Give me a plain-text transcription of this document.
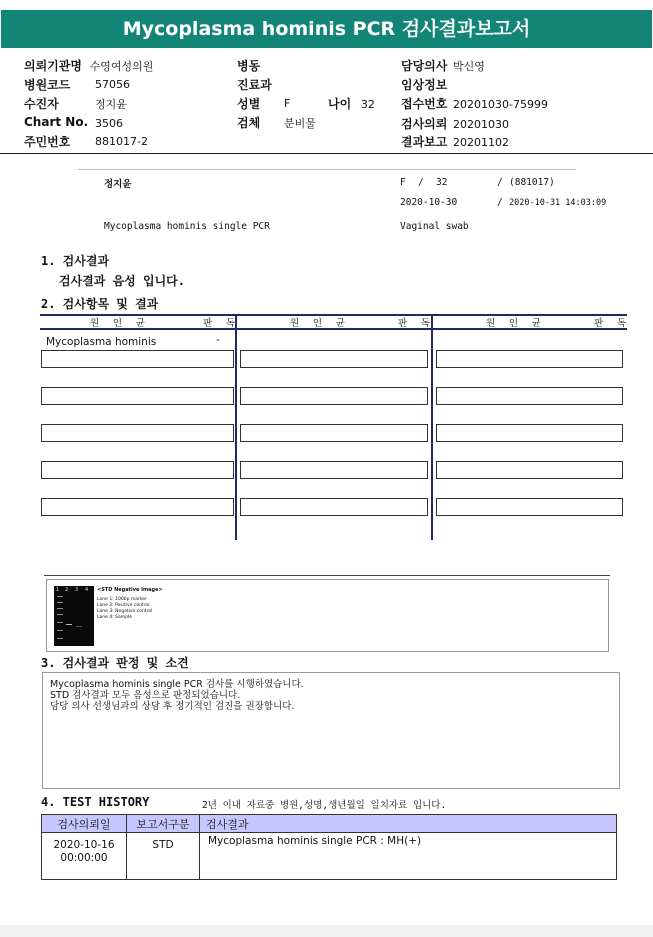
Mycoplasma hominis PCR 검사결과보고서
의뢰기관명 수영여성의원	병동	담당의사 박신영
병원코드 57056	진료과	임상정보
수진자	정지윤	성별 F	나이 32 접수번호 20201030-75999
Chart No. 3506	검체 분비물	검사의뢰 20201030
주민번호 881017-2	결과보고 20201102
정지윤	F / 32	/ (881017)
2020-10-30	/ 2020-10-31 14:03:09
Mycoplasma hominis single PCR	Vaginal swab
1. 검사결과
검사결과 음성 입니다.
2. 검사항목 및 결과
원 인 균	판 독	원 인 균	판 독	원 인 균	판 독
Mycoplasma hominis	-
1 2 3 4 <STD Negative Image>
Lane 1: 100bp marker
Lane 2: Positive control
Lane 3: Negative control
Lane 4: Sample
3. 검사결과 판정 및 소견
Mycoplasma hominis single PCR 검사를 시행하였습니다.
STD 검사결과 모두 음성으로 판정되었습니다.
담당 의사 선생님과의 상담 후 정기적인 검진을 권장합니다.
4. TEST HISTORY	2년 이내 자료중 병원,성명,생년월일 일치자료 입니다.
검사의뢰일	보고서구분	검사결과

2020-10-16
00:00:00	STD	Mycoplasma hominis single PCR : MH(+)
